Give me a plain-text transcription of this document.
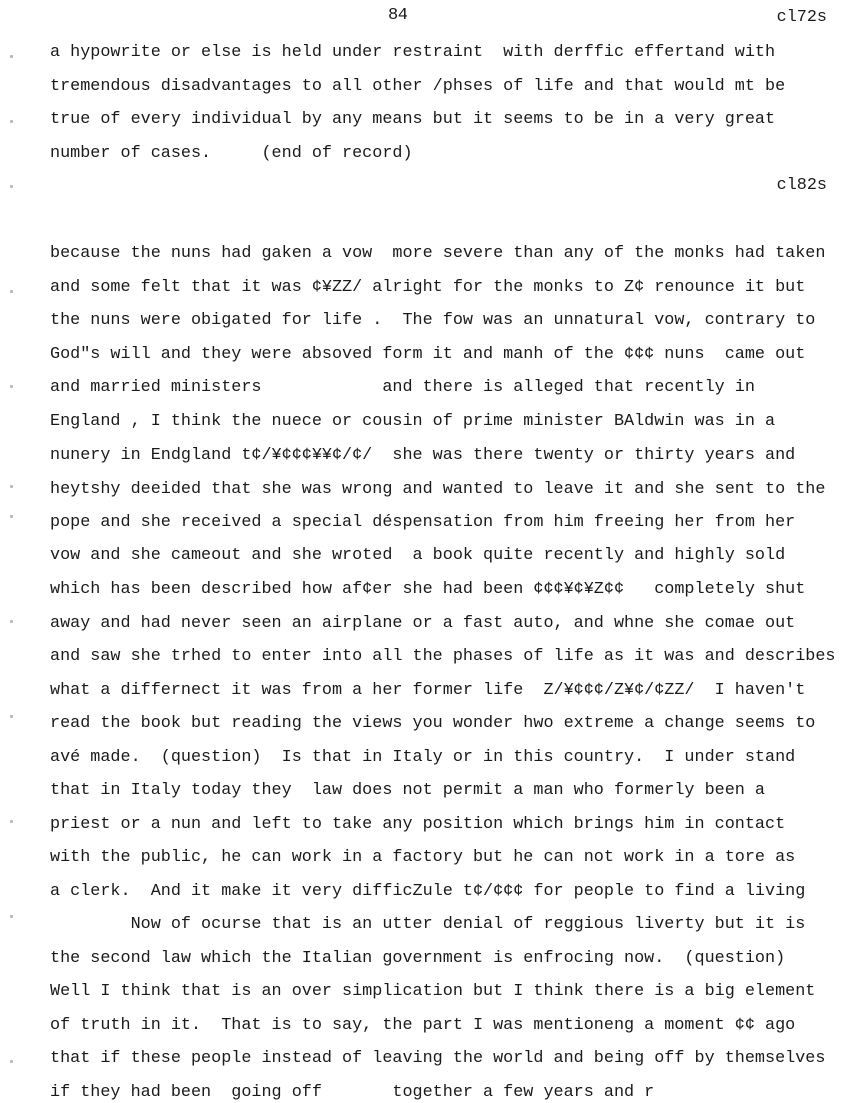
84	cl72s
cl82s
a hypowrite or else is held under restraint  with derffic effertand with
tremendous disadvantages to all other /phses of life and that would mt be
true of every individual by any means but it seems to be in a very great
number of cases.     (end of record)
because the nuns had gaken a vow  more severe than any of the monks had taken
and some felt that it was ¢¥ZZ/ alright for the monks to Z¢ renounce it but
the nuns were obigated for life .  The fow was an unnatural vow, contrary to
God"s will and they were absoved form it and manh of the ¢¢¢ nuns  came out
and married ministers            and there is alleged that recently in
England , I think the nuece or cousin of prime minister BAldwin was in a
nunery in Endgland t¢/¥¢¢¢¥¥¢/¢/  she was there twenty or thirty years and
heytshy deeided that she was wrong and wanted to leave it and she sent to the
pope and she received a special déspensation from him freeing her from her
vow and she cameout and she wroted  a book quite recently and highly sold
which has been described how af¢er she had been ¢¢¢¥¢¥Z¢¢   completely shut
away and had never seen an airplane or a fast auto, and whne she comae out
and saw she trhed to enter into all the phases of life as it was and describes
what a differnect it was from a her former life  Z/¥¢¢¢/Z¥¢/¢ZZ/  I haven't
read the book but reading the views you wonder hwo extreme a change seems to
avé made.  (question)  Is that in Italy or in this country.  I under stand
that in Italy today they  law does not permit a man who formerly been a
priest or a nun and left to take any position which brings him in contact
with the public, he can work in a factory but he can not work in a tore as
a clerk.  And it make it very difficZule t¢/¢¢¢ for people to find a living
Now of ocurse that is an utter denial of reggious liverty but it is
the second law which the Italian government is enfrocing now.  (question)
Well I think that is an over simplication but I think there is a big element
of truth in it.  That is to say, the part I was mentioneng a moment ¢¢ ago
that if these people instead of leaving the world and being off by themselves
if they had been  going off       together a few years and r
